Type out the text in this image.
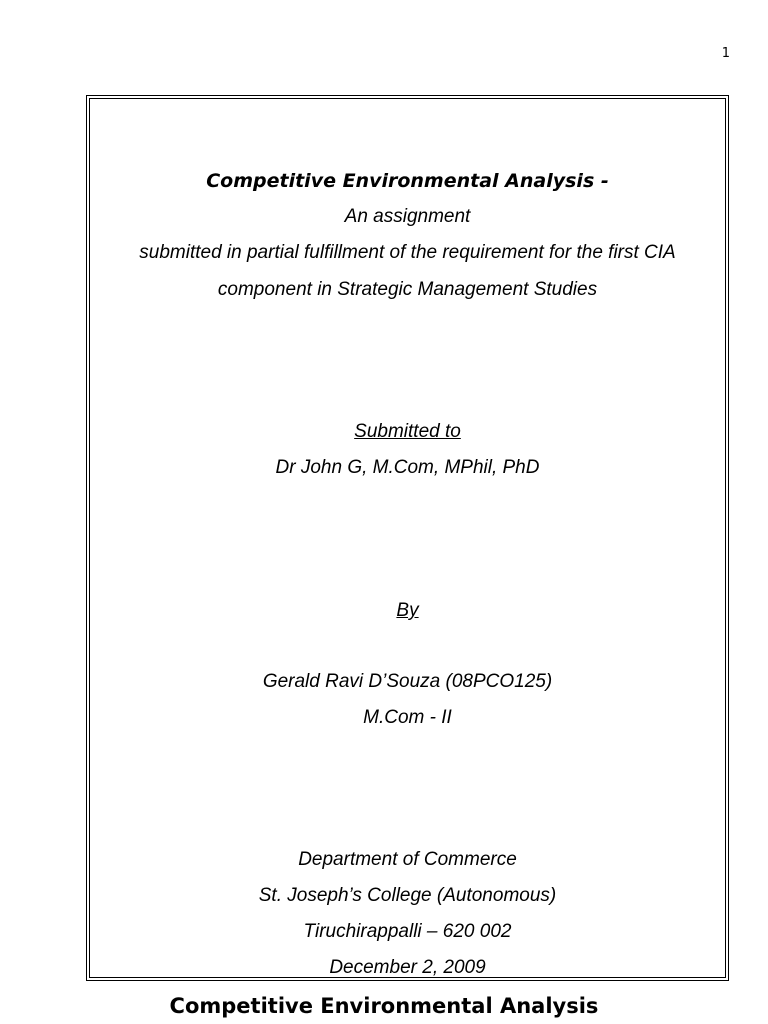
1
Competitive Environmental Analysis -
An assignment
submitted in partial fulfillment of the requirement for the first CIA
component in Strategic Management Studies
Submitted to
Dr John G, M.Com, MPhil, PhD
By
Gerald Ravi D’Souza (08PCO125)
M.Com - II
Department of Commerce
St. Joseph’s College (Autonomous)
Tiruchirappalli – 620 002
December 2, 2009
Competitive Environmental Analysis
